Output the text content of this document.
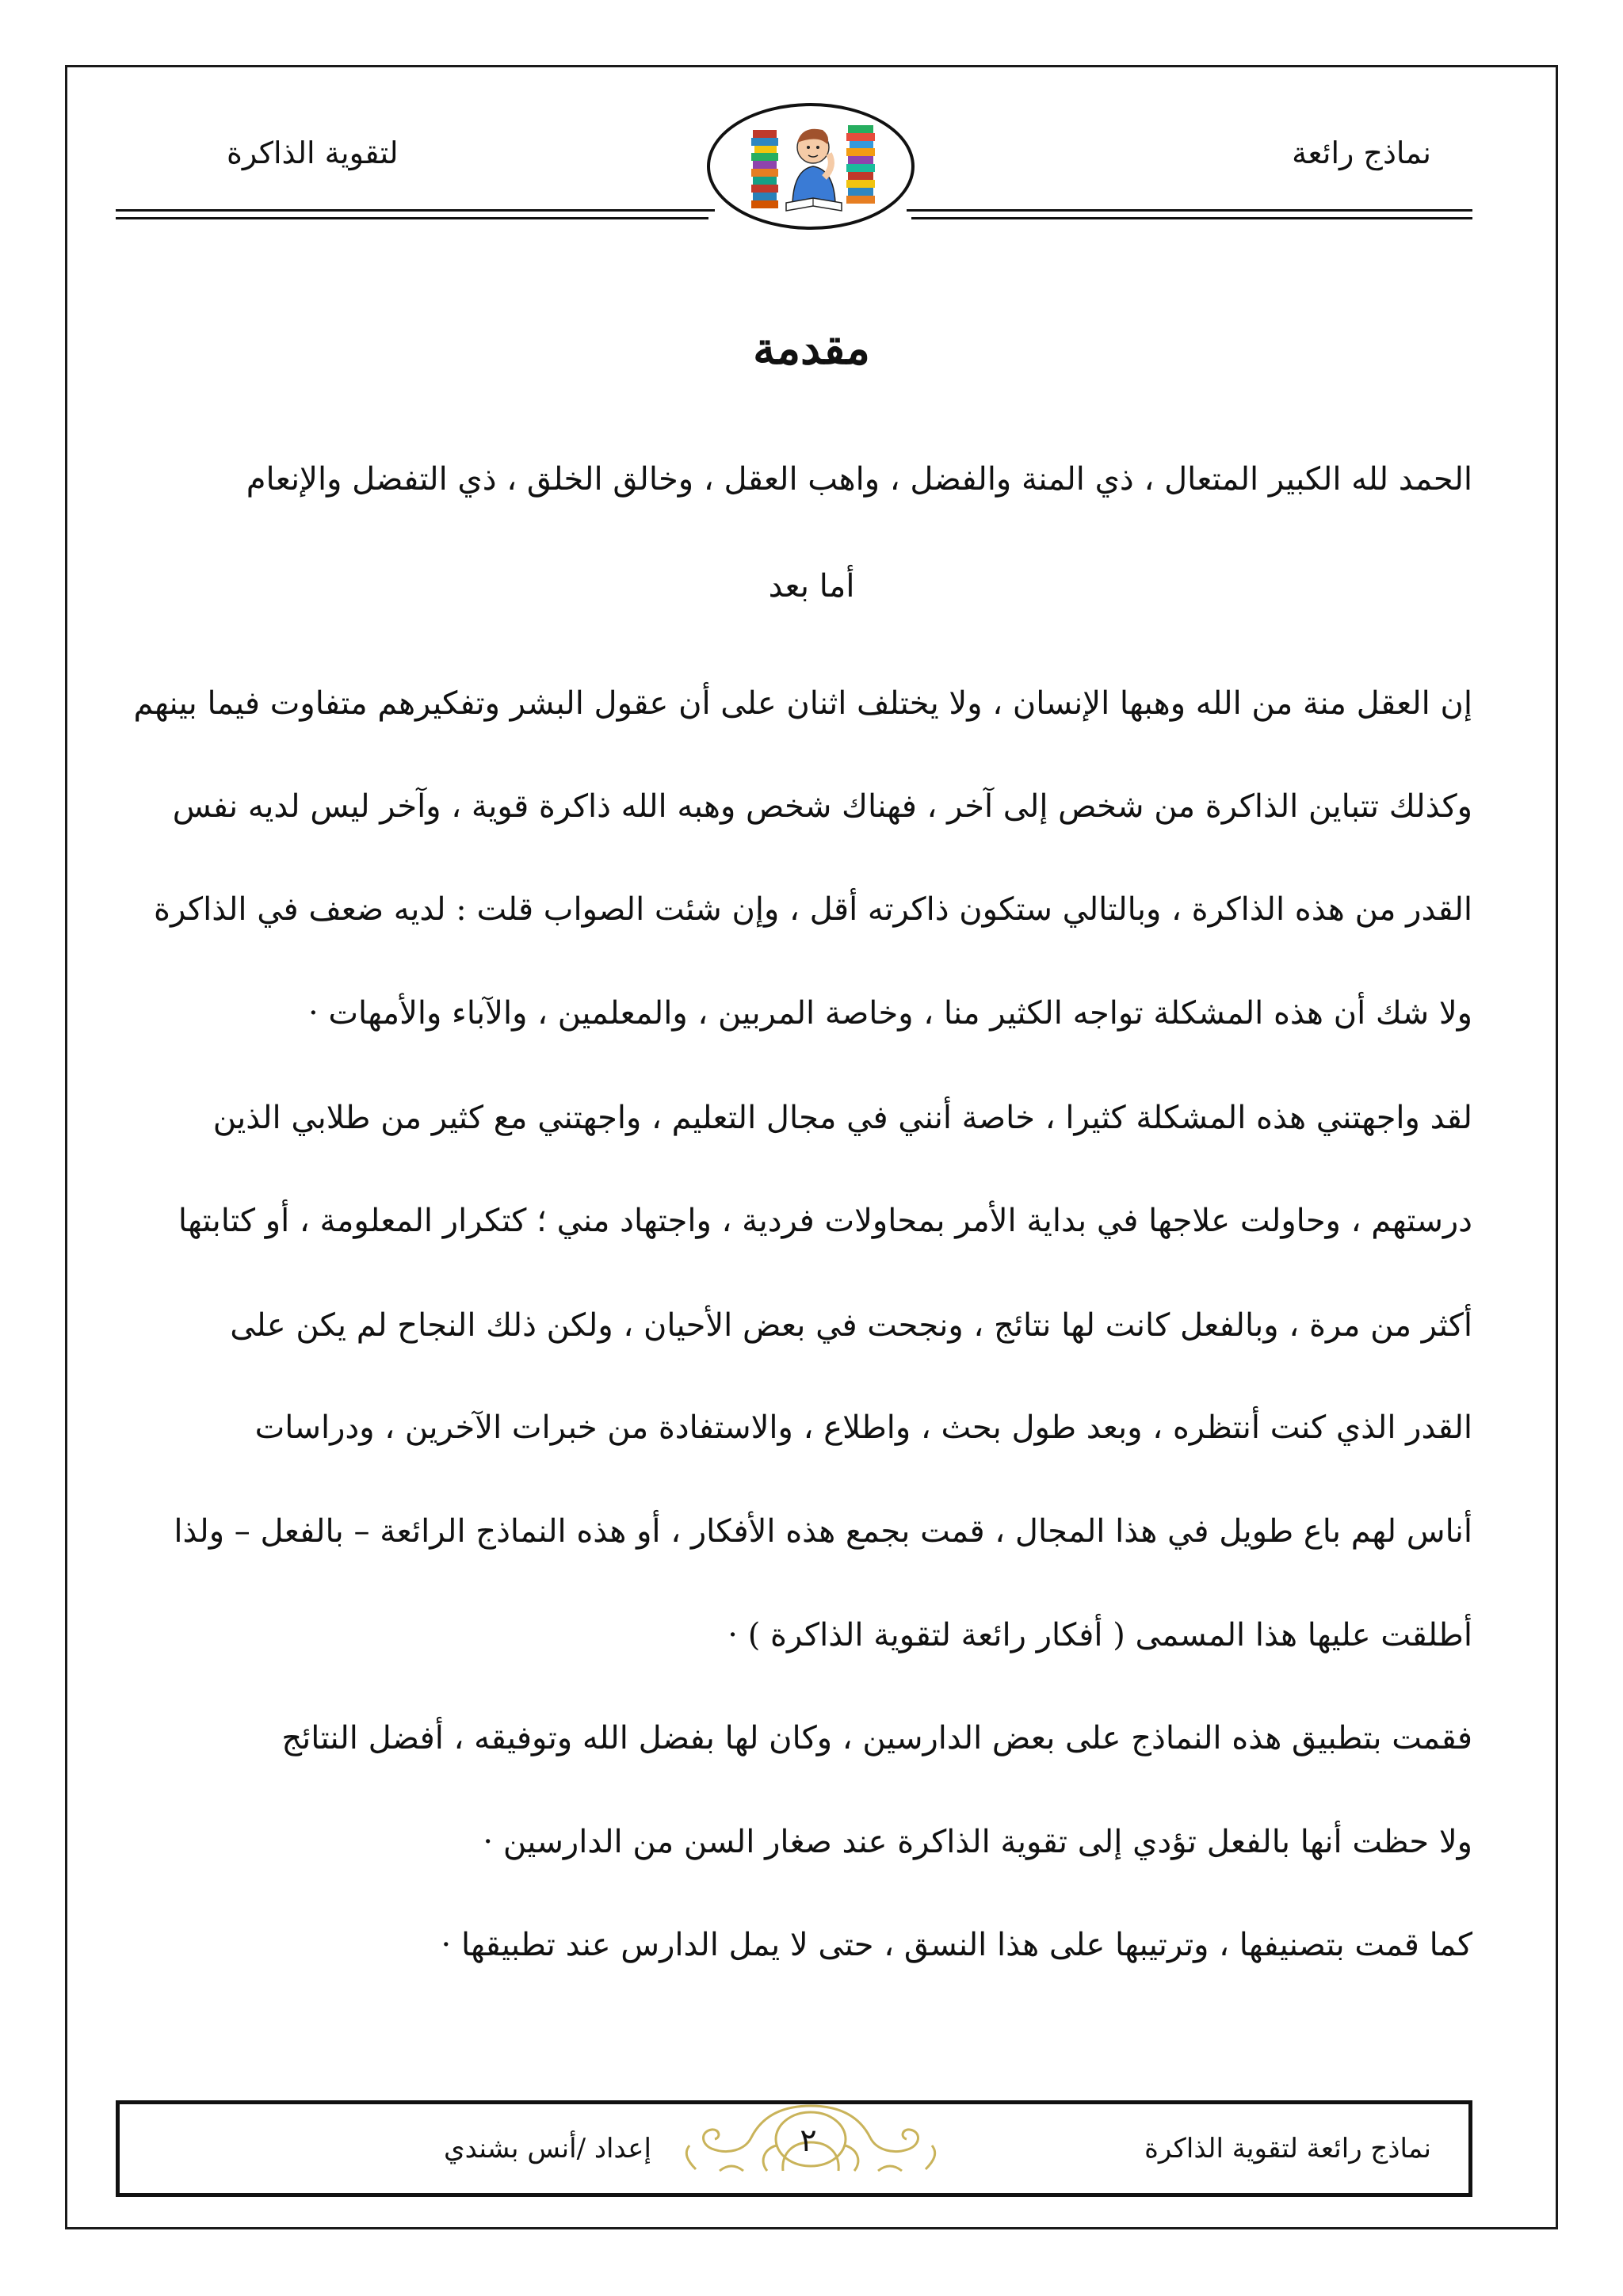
نماذج رائعة
لتقوية الذاكرة
مقدمة
الحمد لله الكبير المتعال ، ذي المنة والفضل ، واهب العقل ، وخالق الخلق ، ذي التفضل والإنعام
أما بعد
إن العقل منة من الله وهبها الإنسان ، ولا يختلف اثنان على أن عقول البشر وتفكيرهم متفاوت فيما بينهم
وكذلك تتباين الذاكرة من شخص إلى آخر ، فهناك شخص وهبه الله ذاكرة قوية ، وآخر ليس لديه نفس
القدر من هذه الذاكرة ، وبالتالي ستكون ذاكرته أقل ، وإن شئت الصواب قلت : لديه ضعف في الذاكرة
ولا شك أن هذه المشكلة تواجه الكثير منا ، وخاصة المربين ، والمعلمين ، والآباء والأمهات ·
لقد واجهتني هذه المشكلة كثيرا ، خاصة أنني في مجال التعليم ، واجهتني مع كثير من طلابي الذين
درستهم ، وحاولت علاجها في بداية الأمر بمحاولات فردية ، واجتهاد مني ؛ كتكرار المعلومة ، أو كتابتها
أكثر من مرة ، وبالفعل كانت لها نتائج ، ونجحت في بعض الأحيان ، ولكن ذلك النجاح لم يكن على
القدر الذي كنت أنتظره ، وبعد طول بحث ، واطلاع ، والاستفادة من خبرات الآخرين ، ودراسات
أناس لهم باع طويل في هذا المجال ، قمت بجمع هذه الأفكار ، أو هذه النماذج الرائعة – بالفعل – ولذا
أطلقت عليها هذا المسمى ( أفكار رائعة لتقوية الذاكرة ) ·
فقمت بتطبيق هذه النماذج على بعض الدارسين ، وكان لها بفضل الله وتوفيقه ، أفضل النتائج
ولا حظت أنها بالفعل تؤدي إلى تقوية الذاكرة عند صغار السن من الدارسين ·
كما قمت بتصنيفها ، وترتيبها على هذا النسق ، حتى لا يمل الدارس عند تطبيقها ·
نماذج رائعة لتقوية الذاكرة
إعداد /أنس بشندي	٢
